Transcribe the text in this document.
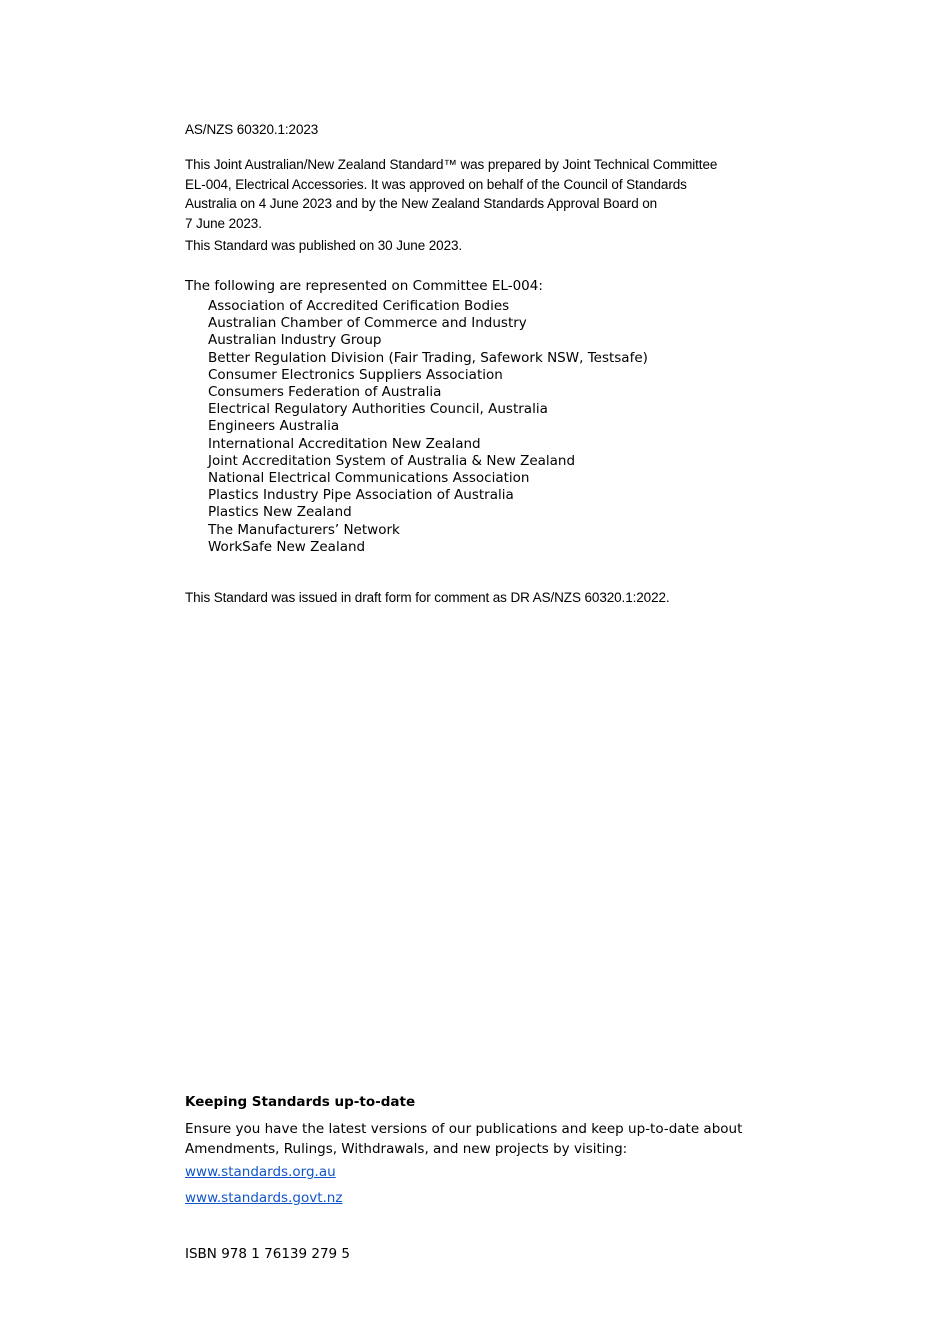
AS/NZS 60320.1:2023
This Joint Australian/New Zealand Standard™ was prepared by Joint Technical Committee
EL-004, Electrical Accessories. It was approved on behalf of the Council of Standards
Australia on 4 June 2023 and by the New Zealand Standards Approval Board on
7 June 2023.
This Standard was published on 30 June 2023.
The following are represented on Committee EL-004:
Association of Accredited Cerification Bodies
Australian Chamber of Commerce and Industry
Australian Industry Group
Better Regulation Division (Fair Trading, Safework NSW, Testsafe)
Consumer Electronics Suppliers Association
Consumers Federation of Australia
Electrical Regulatory Authorities Council, Australia
Engineers Australia
International Accreditation New Zealand
Joint Accreditation System of Australia & New Zealand
National Electrical Communications Association
Plastics Industry Pipe Association of Australia
Plastics New Zealand
The Manufacturers’ Network
WorkSafe New Zealand
This Standard was issued in draft form for comment as DR AS/NZS 60320.1:2022.
Keeping Standards up-to-date
Ensure you have the latest versions of our publications and keep up-to-date about
Amendments, Rulings, Withdrawals, and new projects by visiting:
www.standards.org.au
www.standards.govt.nz
ISBN 978 1 76139 279 5
